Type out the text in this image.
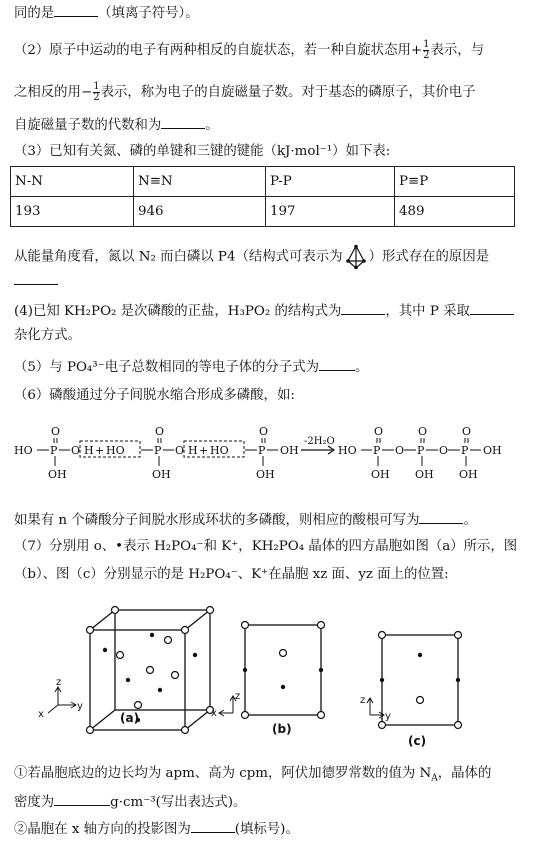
同的是	（填离子符号）。
（2）原子中运动的电子有两种相反的自旋状态，若一种自旋状态用+ $\frac{1}{2}$ 表示，与
之相反的用− $\frac{1}{2}$ 表示，称为电子的自旋磁量子数。对于基态的磷原子，其价电子
自旋磁量子数的代数和为	。
（3）已知有关氮、磷的单键和三键的键能（kJ·mol⁻¹）如下表:
N-N	N≡N	P-P	P≡P
193	946	197	489
从能量角度看，氮以 N₂ 而白磷以 P4（结构式可表示为 ）形式存在的原因是
(4)已知 KH₂PO₂ 是次磷酸的正盐，H₃PO₂ 的结构式为	，其中 P 采取
杂化方式。
（5）与 PO₄³⁻电子总数相同的等电子体的分子式为	。
（6）磷酸通过分子间脱水缩合形成多磷酸，如:
HO P
O
OH
O H + HO	P
O
OH
O H + HO	P
O
OH
OH
-2H₂O
HO P
O
OH
O P
O
OH
O P
O
OH
OH
如果有 n 个磷酸分子间脱水形成环状的多磷酸，则相应的酸根可写为	。
（7）分别用 o、•表示 H₂PO₄⁻和 K⁺，KH₂PO₄ 晶体的四方晶胞如图（a）所示，图
（b）、图（c）分别显示的是 H₂PO₄⁻、K⁺在晶胞 xz 面、yz 面上的位置:
z
x
y
(a)
z
x
(b)
z
y
(c)
①若晶胞底边的边长均为 apm、高为 cpm，阿伏加德罗常数的值为 $N_A$，晶体的
密度为	g·cm⁻³(写出表达式)。
②晶胞在 x 轴方向的投影图为	(填标号)。
